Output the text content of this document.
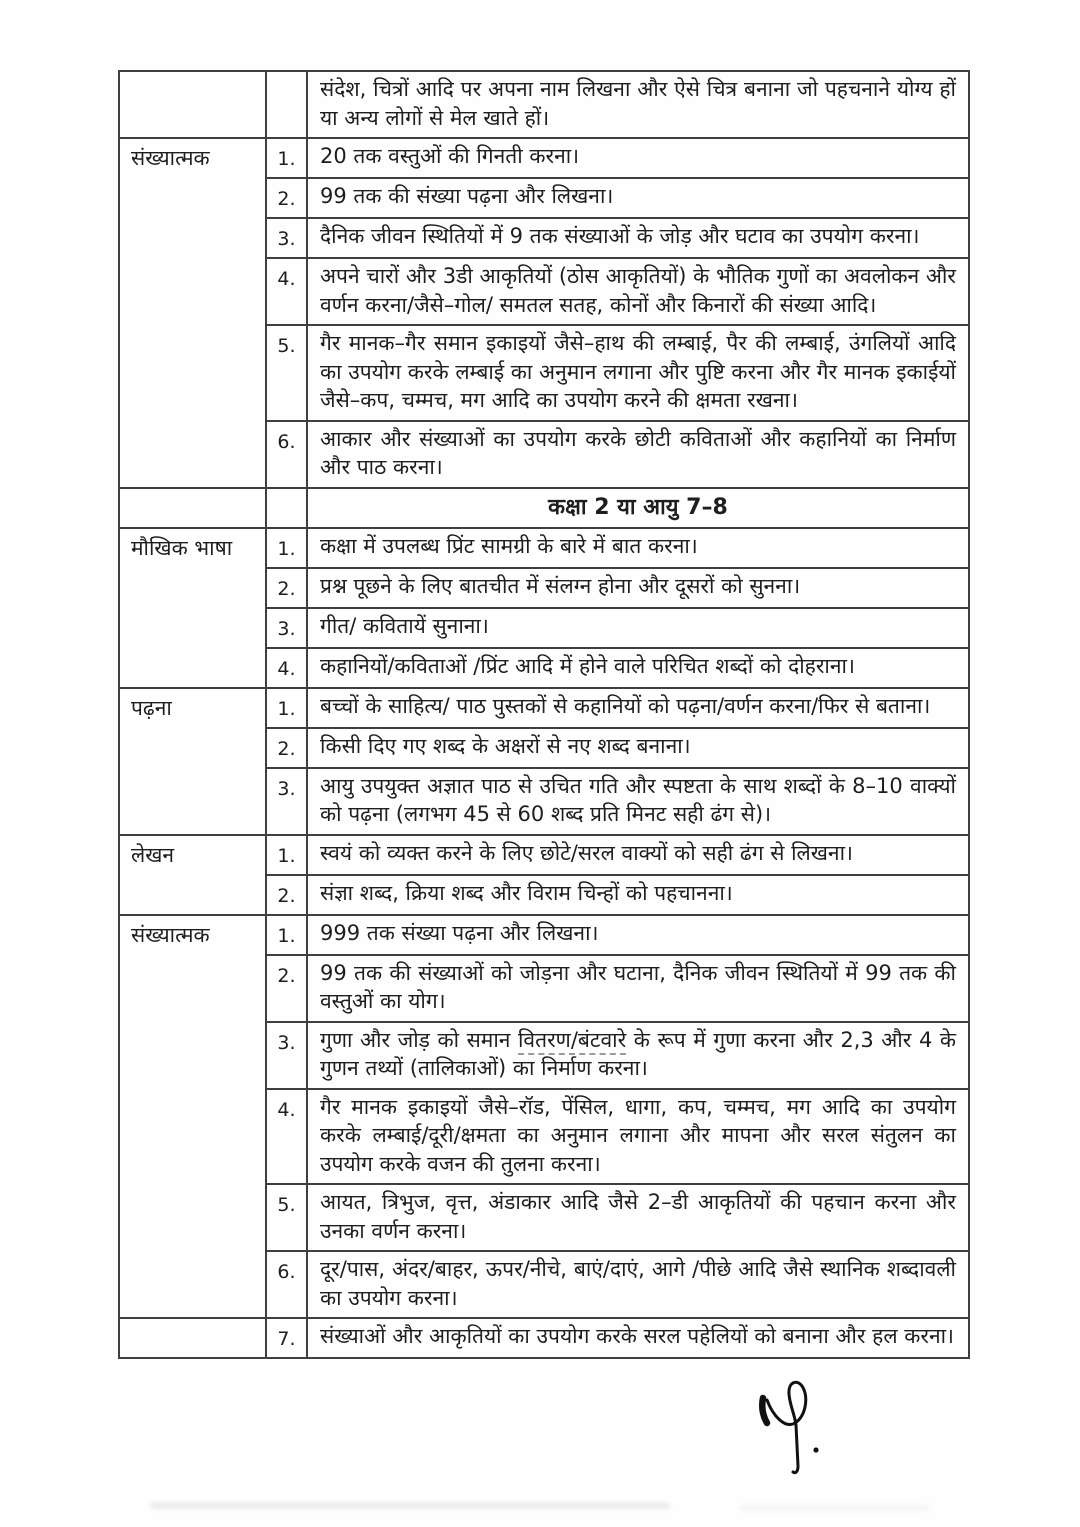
		संदेश, चित्रों आदि पर अपना नाम लिखना और ऐसे चित्र बनाना जो पहचनाने योग्य हों या अन्य लोगों से मेल खाते हों।
संख्यात्मक	1.	20 तक वस्तुओं की गिनती करना।
	2.	99 तक की संख्या पढ़ना और लिखना।
	3.	दैनिक जीवन स्थितियों में 9 तक संख्याओं के जोड़ और घटाव का उपयोग करना।
	4.	अपने चारों और 3डी आकृतियों (ठोस आकृतियों) के भौतिक गुणों का अवलोकन और वर्णन करना/जैसे–गोल/ समतल सतह, कोनों और किनारों की संख्या आदि।
	5.	गैर मानक–गैर समान इकाइयों जैसे–हाथ की लम्बाई, पैर की लम्बाई, उंगलियों आदि का उपयोग करके लम्बाई का अनुमान लगाना और पुष्टि करना और गैर मानक इकाईयों जैसे–कप, चम्मच, मग आदि का उपयोग करने की क्षमता रखना।
	6.	आकार और संख्याओं का उपयोग करके छोटी कविताओं और कहानियों का निर्माण और पाठ करना।
		कक्षा 2 या आयु 7–8
मौखिक भाषा	1.	कक्षा में उपलब्ध प्रिंट सामग्री के बारे में बात करना।
	2.	प्रश्न पूछने के लिए बातचीत में संलग्न होना और दूसरों को सुनना।
	3.	गीत/ कवितायें सुनाना।
	4.	कहानियों/कविताओं /प्रिंट आदि में होने वाले परिचित शब्दों को दोहराना।
पढ़ना	1.	बच्चों के साहित्य/ पाठ पुस्तकों से कहानियों को पढ़ना/वर्णन करना/फिर से बताना।
	2.	किसी दिए गए शब्द के अक्षरों से नए शब्द बनाना।
	3.	आयु उपयुक्त अज्ञात पाठ से उचित गति और स्पष्टता के साथ शब्दों के 8–10 वाक्यों को पढ़ना (लगभग 45 से 60 शब्द प्रति मिनट सही ढंग से)।
लेखन	1.	स्वयं को व्यक्त करने के लिए छोटे/सरल वाक्यों को सही ढंग से लिखना।
	2.	संज्ञा शब्द, क्रिया शब्द और विराम चिन्हों को पहचानना।
संख्यात्मक	1.	999 तक संख्या पढ़ना और लिखना।
	2.	99 तक की संख्याओं को जोड़ना और घटाना, दैनिक जीवन स्थितियों में 99 तक की वस्तुओं का योग।
	3.	गुणा और जोड़ को समान वितरण/बंटवारे के रूप में गुणा करना और 2,3 और 4 के गुणन तथ्यों (तालिकाओं) का निर्माण करना।
	4.	गैर मानक इकाइयों जैसे–रॉड, पेंसिल, धागा, कप, चम्मच, मग आदि का उपयोग करके लम्बाई/दूरी/क्षमता का अनुमान लगाना और मापना और सरल संतुलन का उपयोग करके वजन की तुलना करना।
	5.	आयत, त्रिभुज, वृत्त, अंडाकार आदि जैसे 2–डी आकृतियों की पहचान करना और उनका वर्णन करना।
	6.	दूर/पास, अंदर/बाहर, ऊपर/नीचे, बाएं/दाएं, आगे /पीछे आदि जैसे स्थानिक शब्दावली का उपयोग करना।
	7.	संख्याओं और आकृतियों का उपयोग करके सरल पहेलियों को बनाना और हल करना।
